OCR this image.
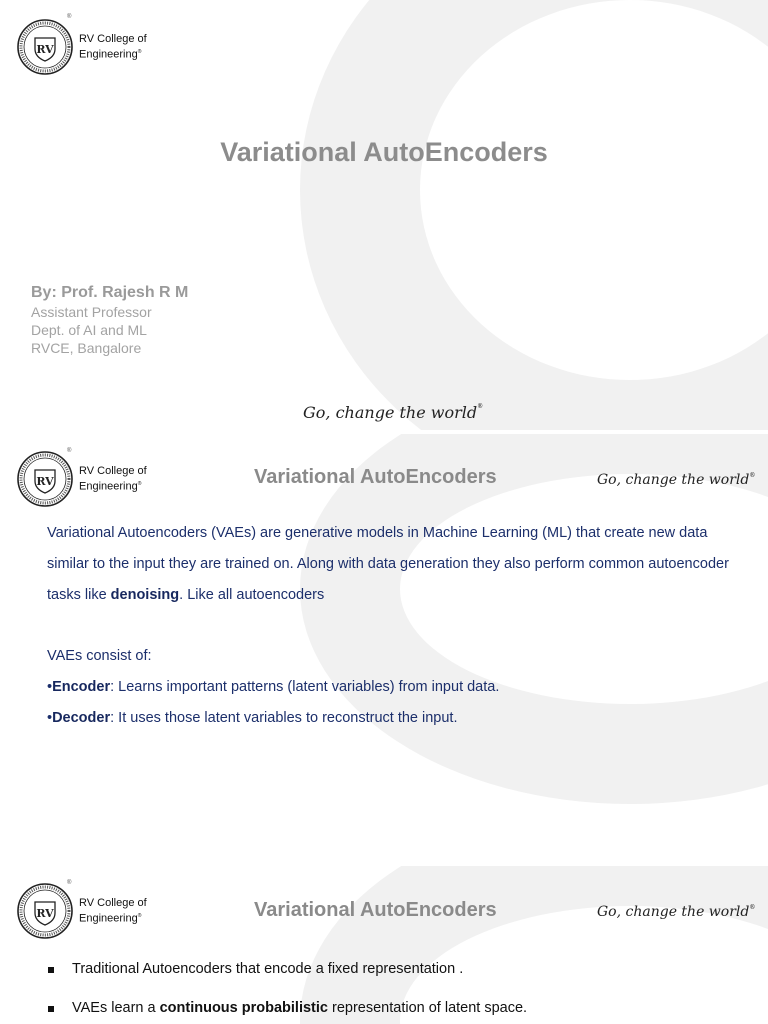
RV
RV College of
Engineering®
®
Variational AutoEncoders
By: Prof. Rajesh R M
Assistant Professor
Dept. of AI and ML
RVCE, Bangalore
Go, change the world®
RV
RV College of
Engineering®
®
Variational AutoEncoders	Go, change the world®
Variational Autoencoders (VAEs) are generative models in Machine Learning (ML) that create new data similar to the input they are trained on. Along with data generation they also perform common autoencoder tasks like denoising. Like all autoencoders
VAEs consist of:
•Encoder: Learns important patterns (latent variables) from input data.
•Decoder: It uses those latent variables to reconstruct the input.
RV
RV College of
Engineering®
®
Variational AutoEncoders	Go, change the world®
Traditional Autoencoders that encode a fixed representation .
VAEs learn a continuous probabilistic representation of latent space.
